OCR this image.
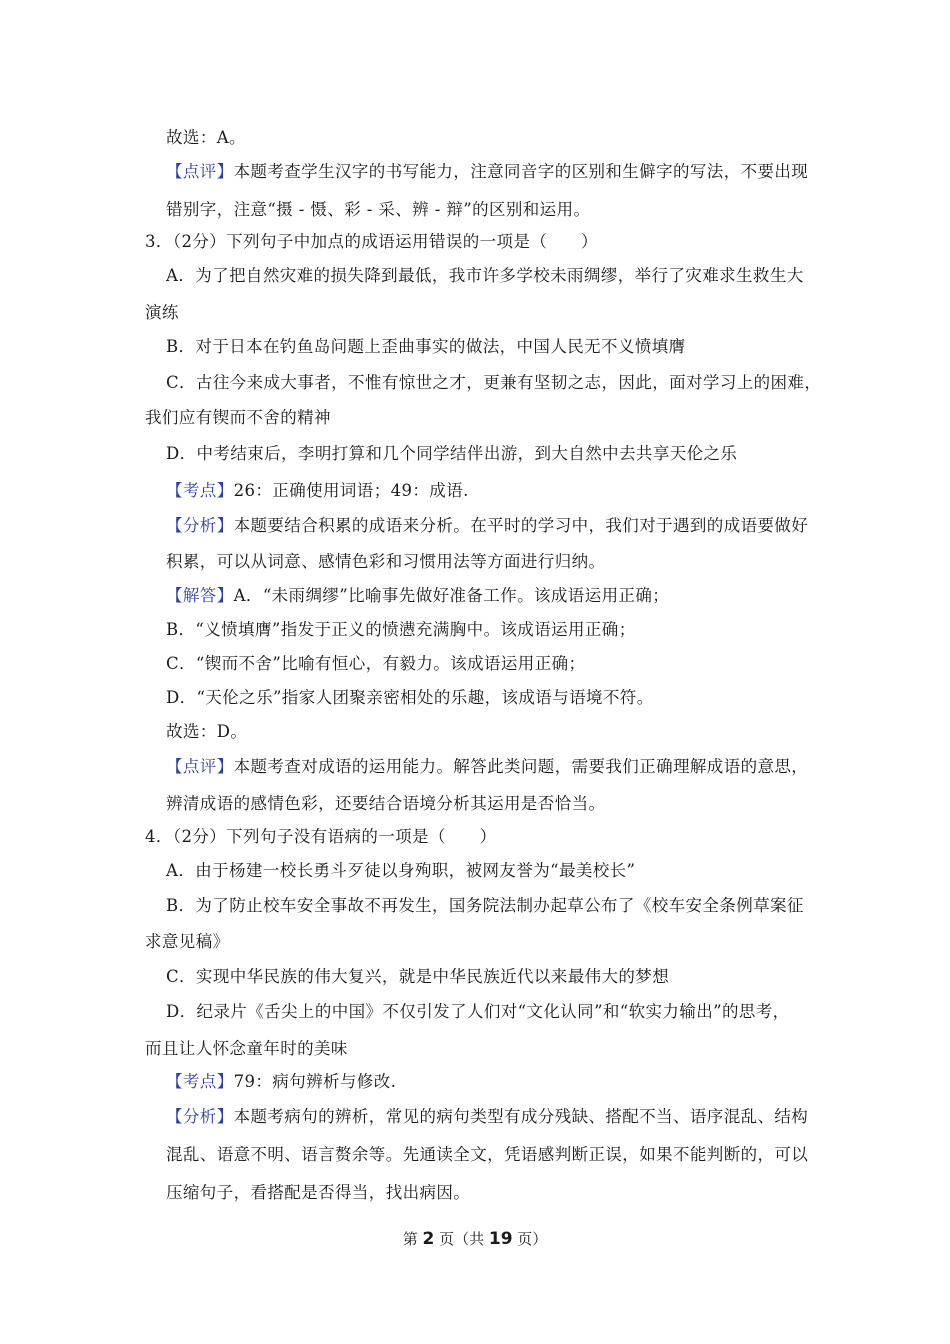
故选：A。
【点评】本题考查学生汉字的书写能力，注意同音字的区别和生僻字的写法，不要出现
错别字，注意“摄 - 慑、彩 - 采、辨 - 辩”的区别和运用。
3．（2分）下列句子中加点的成语运用错误的一项是（　　）
A．为了把自然灾难的损失降到最低，我市许多学校未雨绸缪，举行了灾难求生救生大
演练
B．对于日本在钓鱼岛问题上歪曲事实的做法，中国人民无不义愤填膺
C．古往今来成大事者，不惟有惊世之才，更兼有坚韧之志，因此，面对学习上的困难，
我们应有锲而不舍的精神
D．中考结束后，李明打算和几个同学结伴出游，到大自然中去共享天伦之乐
【考点】26：正确使用词语；49：成语.
【分析】本题要结合积累的成语来分析。在平时的学习中，我们对于遇到的成语要做好
积累，可以从词意、感情色彩和习惯用法等方面进行归纳。
【解答】A．“未雨绸缪”比喻事先做好准备工作。该成语运用正确；
B．“义愤填膺”指发于正义的愤懑充满胸中。该成语运用正确；
C．“锲而不舍”比喻有恒心，有毅力。该成语运用正确；
D．“天伦之乐”指家人团聚亲密相处的乐趣，该成语与语境不符。
故选：D。
【点评】本题考查对成语的运用能力。解答此类问题，需要我们正确理解成语的意思，
辨清成语的感情色彩，还要结合语境分析其运用是否恰当。
4．（2分）下列句子没有语病的一项是（　　）
A．由于杨建一校长勇斗歹徒以身殉职，被网友誉为“最美校长”
B．为了防止校车安全事故不再发生，国务院法制办起草公布了《校车安全条例草案征
求意见稿》
C．实现中华民族的伟大复兴，就是中华民族近代以来最伟大的梦想
D．纪录片《舌尖上的中国》不仅引发了人们对“文化认同”和“软实力输出”的思考，
而且让人怀念童年时的美味
【考点】79：病句辨析与修改.
【分析】本题考病句的辨析，常见的病句类型有成分残缺、搭配不当、语序混乱、结构
混乱、语意不明、语言赘余等。先通读全文，凭语感判断正误，如果不能判断的，可以
压缩句子，看搭配是否得当，找出病因。
第 2 页（共 19 页）
